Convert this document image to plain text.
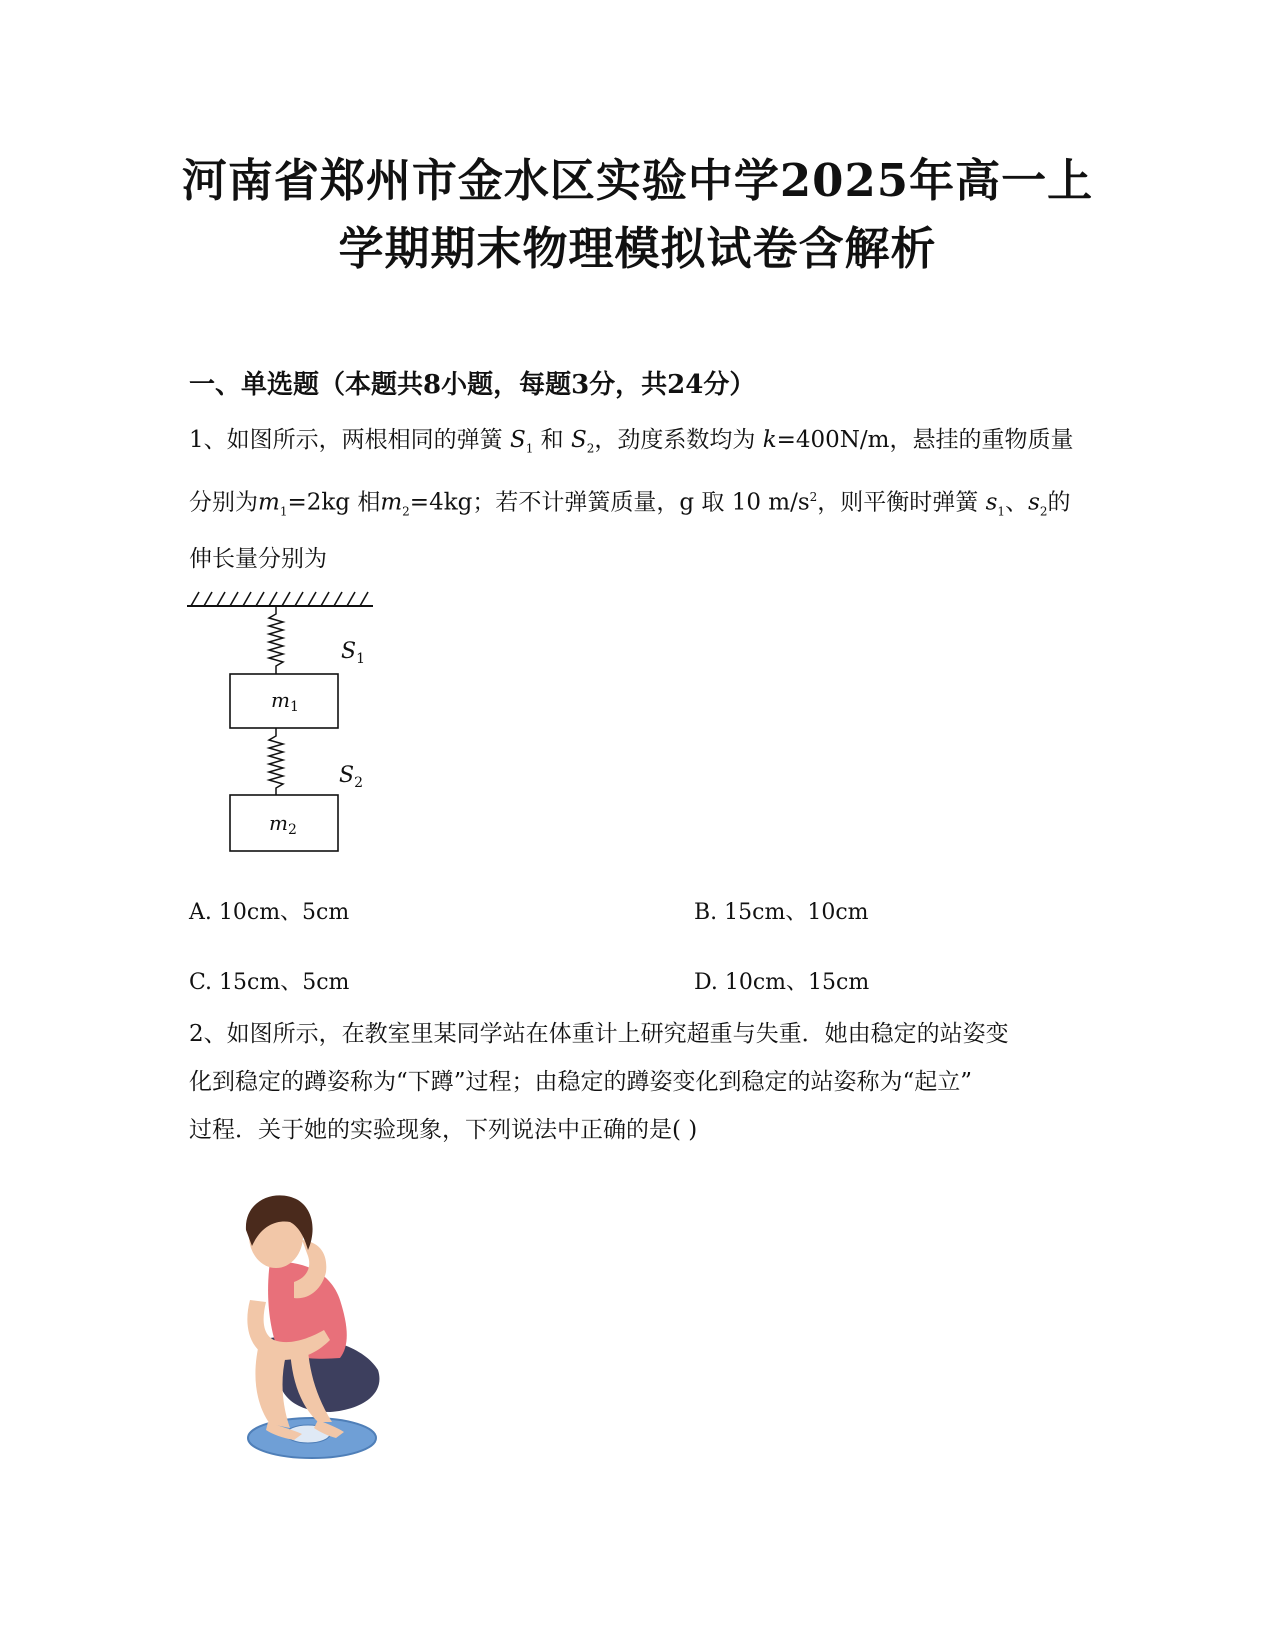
河南省郑州市金水区实验中学2025年高一上
学期期末物理模拟试卷含解析
一、单选题（本题共8小题，每题3分，共24分）
1、如图所示，两根相同的弹簧 $S_1$ 和 $S_2$，劲度系数均为 k=400N/m，悬挂的重物质量
分别为$m_1=2kg$ 相$m_2=4kg$；若不计弹簧质量，g 取 10 $m/s^2$，则平衡时弹簧 $s_1$、$s_2$的
伸长量分别为
$S_1$
$m_1$
$S_2$
$m_2$
A. 10cm、5cm	B. 15cm、10cm
C. 15cm、5cm	D. 10cm、15cm
2、如图所示，在教室里某同学站在体重计上研究超重与失重．她由稳定的站姿变
化到稳定的蹲姿称为“下蹲”过程；由稳定的蹲姿变化到稳定的站姿称为“起立”
过程．关于她的实验现象，下列说法中正确的是( )
